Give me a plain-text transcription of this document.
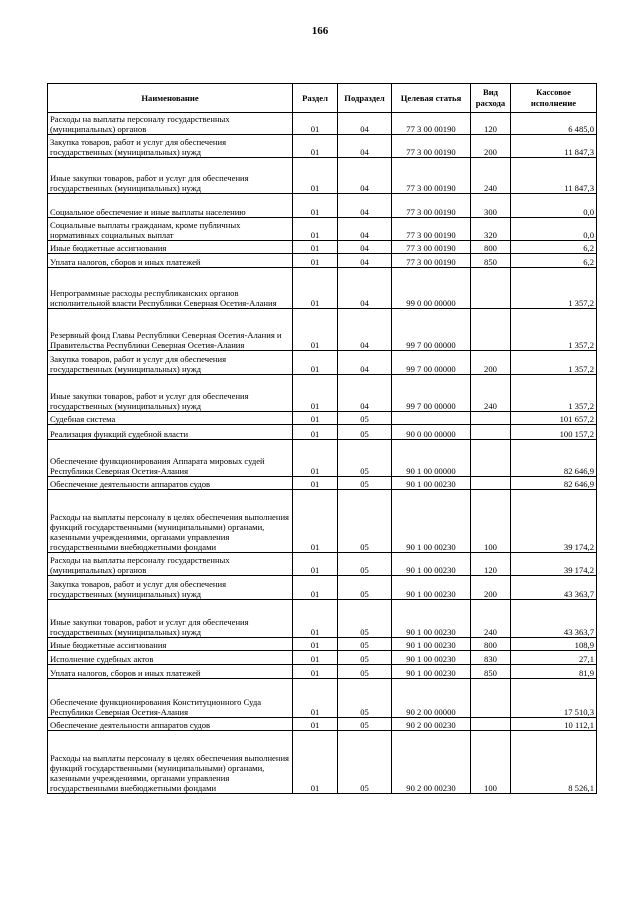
166
Наименование	Раздел	Подраздел	Целевая статья	Вид расхода	Кассовое исполнение
Расходы на выплаты персоналу государственных (муниципальных) органов	01	04	77 3 00 00190	120	6 485,0
Закупка товаров, работ и услуг для обеспечения государственных (муниципальных) нужд	01	04	77 3 00 00190	200	11 847,3
Иные закупки товаров, работ и услуг для обеспечения государственных (муниципальных) нужд	01	04	77 3 00 00190	240	11 847,3
Социальное обеспечение и иные выплаты населению	01	04	77 3 00 00190	300	0,0
Социальные выплаты гражданам, кроме публичных нормативных социальных выплат	01	04	77 3 00 00190	320	0,0
Иные бюджетные ассигнования	01	04	77 3 00 00190	800	6,2
Уплата налогов, сборов и иных платежей	01	04	77 3 00 00190	850	6,2
Непрограммные расходы республиканских органов исполнительной власти Республики Северная Осетия-Алания	01	04	99 0 00 00000		1 357,2
Резервный фонд Главы Республики Северная Осетия-Алания и Правительства Республики Северная Осетия-Алания	01	04	99 7 00 00000		1 357,2
Закупка товаров, работ и услуг для обеспечения государственных (муниципальных) нужд	01	04	99 7 00 00000	200	1 357,2
Иные закупки товаров, работ и услуг для обеспечения государственных (муниципальных) нужд	01	04	99 7 00 00000	240	1 357,2
Судебная система	01	05			101 657,2
Реализация функций судебной власти	01	05	90 0 00 00000		100 157,2
Обеспечение функционирования Аппарата мировых судей Республики Северная Осетия-Алания	01	05	90 1 00 00000		82 646,9
Обеспечение деятельности аппаратов судов	01	05	90 1 00 00230		82 646,9
Расходы на выплаты персоналу в целях обеспечения выполнения функций государственными (муниципальными) органами, казенными учреждениями, органами управления государственными внебюджетными фондами	01	05	90 1 00 00230	100	39 174,2
Расходы на выплаты персоналу государственных (муниципальных) органов	01	05	90 1 00 00230	120	39 174,2
Закупка товаров, работ и услуг для обеспечения государственных (муниципальных) нужд	01	05	90 1 00 00230	200	43 363,7
Иные закупки товаров, работ и услуг для обеспечения государственных (муниципальных) нужд	01	05	90 1 00 00230	240	43 363,7
Иные бюджетные ассигнования	01	05	90 1 00 00230	800	108,9
Исполнение судебных актов	01	05	90 1 00 00230	830	27,1
Уплата налогов, сборов и иных платежей	01	05	90 1 00 00230	850	81,9
Обеспечение функционирования Конституционного Суда Республики Северная Осетия-Алания	01	05	90 2 00 00000		17 510,3
Обеспечение деятельности аппаратов судов	01	05	90 2 00 00230		10 112,1
Расходы на выплаты персоналу в целях обеспечения выполнения функций государственными (муниципальными) органами, казенными учреждениями, органами управления государственными внебюджетными фондами	01	05	90 2 00 00230	100	8 526,1
